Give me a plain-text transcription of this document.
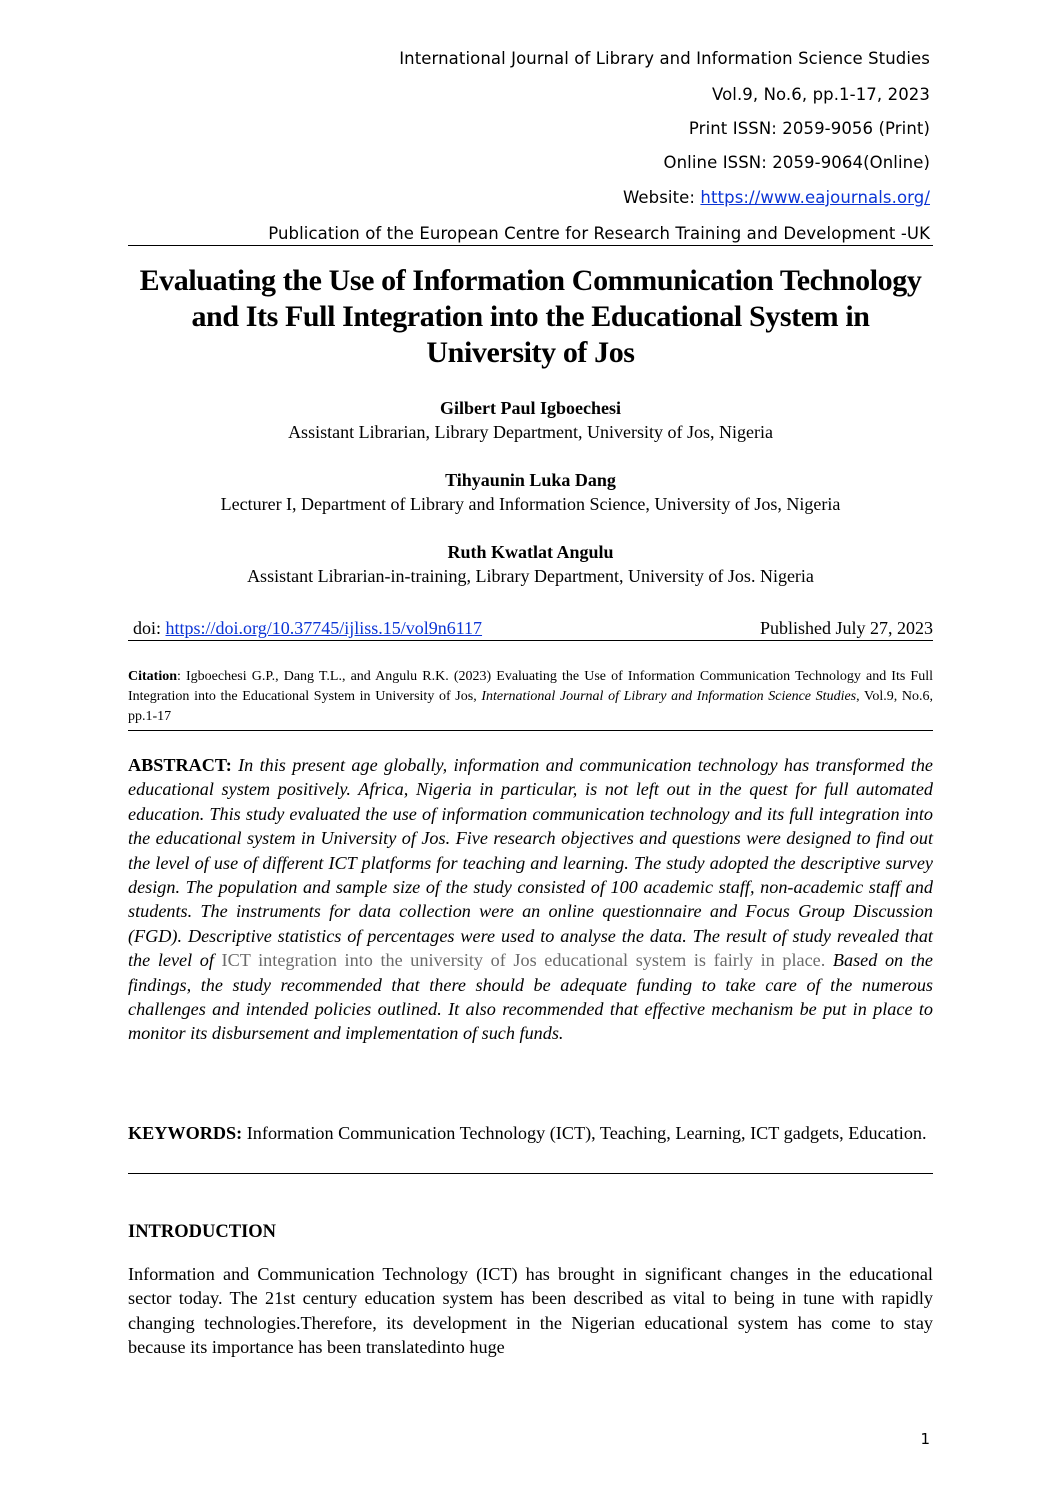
International Journal of Library and Information Science Studies
Vol.9, No.6, pp.1-17, 2023
Print ISSN: 2059-9056 (Print)
Online ISSN: 2059-9064(Online)
Website: https://www.eajournals.org/
Publication of the European Centre for Research Training and Development -UK
Evaluating the Use of Information Communication Technology and Its Full Integration into the Educational System in University of Jos
Gilbert Paul Igboechesi
Assistant Librarian, Library Department, University of Jos, Nigeria
Tihyaunin Luka Dang
Lecturer I, Department of Library and Information Science, University of Jos, Nigeria
Ruth Kwatlat Angulu
Assistant Librarian-in-training, Library Department, University of Jos. Nigeria
doi: https://doi.org/10.37745/ijliss.15/vol9n6117	Published July 27, 2023
Citation: Igboechesi G.P., Dang T.L., and Angulu R.K. (2023) Evaluating the Use of Information Communication Technology and Its Full Integration into the Educational System in University of Jos, International Journal of Library and Information Science Studies, Vol.9, No.6, pp.1-17
ABSTRACT: In this present age globally, information and communication technology has transformed the educational system positively. Africa, Nigeria in particular, is not left out in the quest for full automated education. This study evaluated the use of information communication technology and its full integration into the educational system in University of Jos. Five research objectives and questions were designed to find out the level of use of different ICT platforms for teaching and learning. The study adopted the descriptive survey design. The population and sample size of the study consisted of 100 academic staff, non-academic staff and students. The instruments for data collection were an online questionnaire and Focus Group Discussion (FGD). Descriptive statistics of percentages were used to analyse the data. The result of study revealed that the level of ICT integration into the university of Jos educational system is fairly in place. Based on the findings, the study recommended that there should be adequate funding to take care of the numerous challenges and intended policies outlined. It also recommended that effective mechanism be put in place to monitor its disbursement and implementation of such funds.
KEYWORDS: Information Communication Technology (ICT), Teaching, Learning, ICT gadgets, Education.
INTRODUCTION
Information and Communication Technology (ICT) has brought in significant changes in the educational sector today. The 21st century education system has been described as vital to being in tune with rapidly changing technologies.Therefore, its development in the Nigerian educational system has come to stay because its importance has been translatedinto huge
1
